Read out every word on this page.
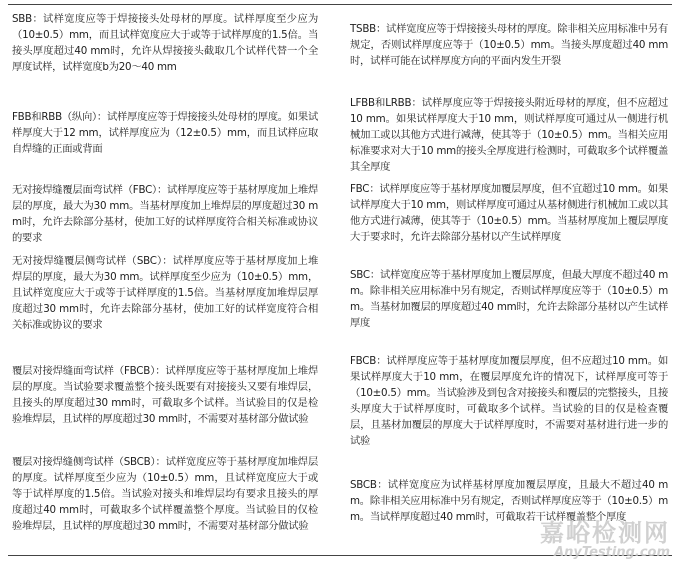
SBB：试样宽度应等于焊接接头处母材的厚度。试样厚度至少应为（10±0.5）mm，而且试样宽度应大于或等于试样厚度的1.5倍。当接头厚度超过40 mm时，允许从焊接接头截取几个试样代替一个全厚度试样，试样宽度b为20～40 mm

FBB和RBB（纵向）：试样厚度应等于焊接接头处母材的厚度。如果试样厚度大于12 mm，试样厚度应为（12±0.5）mm，而且试样应取自焊缝的正面或背面

无对接焊缝覆层面弯试样（FBC）：试样厚度应等于基材厚度加上堆焊层的厚度，最大为30 mm。当基材厚度加上堆焊层的厚度超过30 mm时，允许去除部分基材，使加工好的试样厚度符合相关标准或协议的要求

无对接焊缝覆层侧弯试样（SBC）：试样厚度应等于基材厚度加上堆焊层的厚度，最大为30 mm。试样厚度至少应为（10±0.5）mm，且试样宽度应大于或等于试样厚度的1.5倍。当基材厚度加堆焊层厚度超过30 mm时，允许去除部分基材，使加工好的试样宽度符合相关标准或协议的要求

覆层对接焊缝面弯试样（FBCB）：试样厚度应等于基材厚度加上堆焊层的厚度。当试验要求覆盖整个接头既要有对接接头又要有堆焊层，且接头的厚度超过30 mm时，可截取多个试样。当试验目的仅是检验堆焊层，且试样的厚度超过30 mm时，不需要对基材部分做试验

覆层对接焊缝侧弯试样（SBCB）：试样宽度应等于基材厚度加堆焊层的厚度。试样厚度至少应为（10±0.5）mm，且试样宽度应大于或等于试样厚度的1.5倍。当试验对接头和堆焊层均有要求且接头的厚度超过40 mm时，可截取多个试样覆盖整个厚度。当试验目的仅检验堆焊层，且试样的厚度超过30 mm时，不需要对基材部分做试验

TSBB：试样宽度应等于焊接接头母材的厚度。除非相关应用标准中另有规定，否则试样厚度应等于（10±0.5）mm。当接头厚度超过40 mm时，试样可能在试样厚度方向的平面内发生开裂

LFBB和LRBB：试样厚度应等于焊接接头附近母材的厚度，但不应超过10 mm。如果试样厚度大于10 mm，则试样厚度可通过从一侧进行机械加工或以其他方式进行减薄，使其等于（10±0.5）mm。当相关应用标准要求对大于10 mm的接头全厚度进行检测时，可截取多个试样覆盖其全厚度

FBC：试样厚度应等于基材厚度加覆层厚度，但不宜超过10 mm。如果试样厚度大于10 mm，则试样厚度可通过从基材侧进行机械加工或以其他方式进行减薄，使其等于（10±0.5）mm。当基材厚度加上覆层厚度大于要求时，允许去除部分基材以产生试样厚度

SBC：试样宽度应等于基材厚度加上覆层厚度，但最大厚度不超过40 mm。除非相关应用标准中另有规定，否则试样厚度应等于（10±0.5）mm。当基材加覆层的厚度超过40 mm时，允许去除部分基材以产生试样厚度

FBCB：试样厚度应等于基材厚度加覆层厚度，但不应超过10 mm。如果试样厚度大于10 mm，在覆层厚度允许的情况下，试样厚度可等于（10±0.5）mm。当试验涉及到包含对接接头和覆层的完整接头，且接头厚度大于试样厚度时，可截取多个试样。当试验的目的仅是检查覆层，且基材加覆层的厚度大于试样厚度时，不需要对基材进行进一步的试验

SBCB：试样宽度应为试样基材厚度加覆层厚度，且最大不超过40 mm。除非相关应用标准中另有规定，否则试样厚度应等于（10±0.5）mm。当试样厚度超过40 mm时，可截取若干试样覆盖整个厚度

嘉峪检测网
AnyTesting.com
